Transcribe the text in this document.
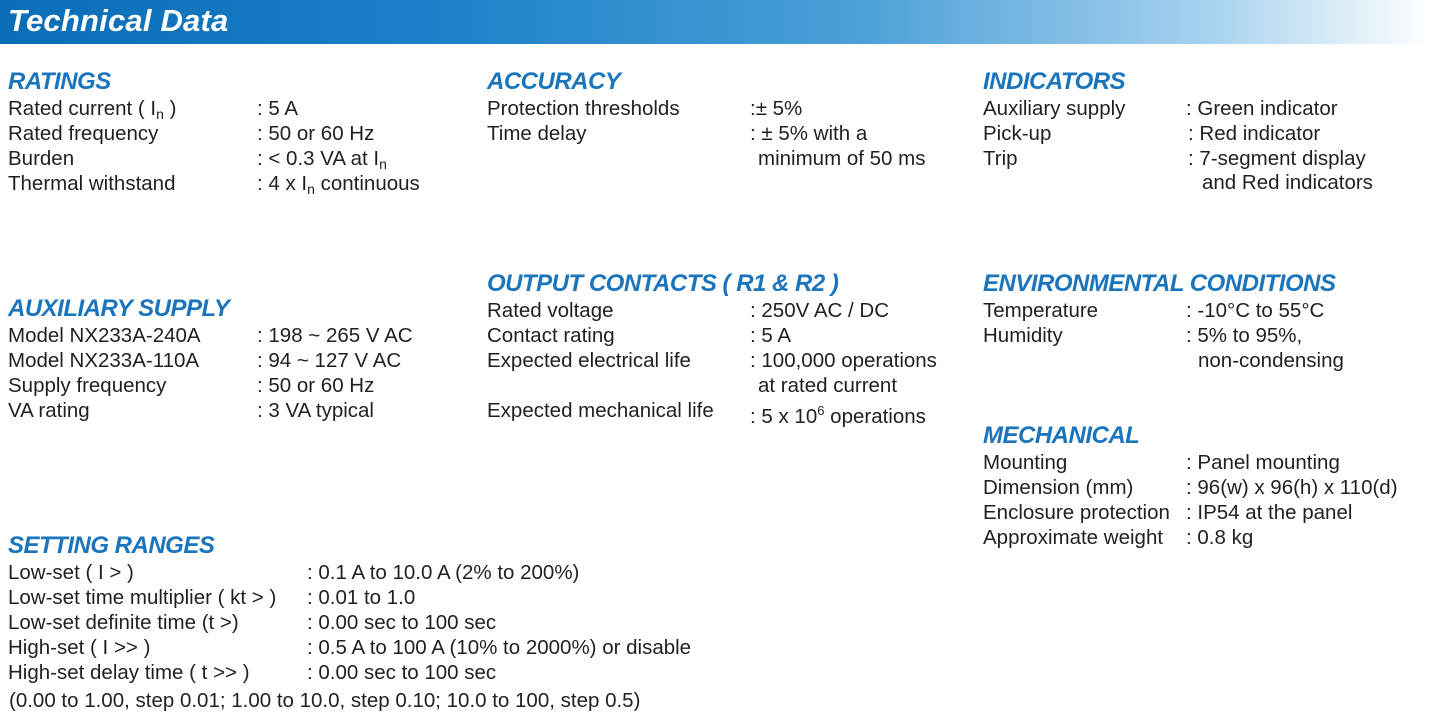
Technical Data
RATINGS
Rated current ( $I_n$ )	: 5 A
Rated frequency	: 50 or 60 Hz
Burden	: < 0.3 VA at $I_n$
Thermal withstand	: 4 x $I_n$ continuous
ACCURACY
Protection thresholds	:± 5%
Time delay	: ± 5% with a
minimum of 50 ms
INDICATORS
Auxiliary supply	: Green indicator
Pick-up	: Red indicator
Trip	: 7-segment display
and Red indicators
AUXILIARY SUPPLY
Model NX233A-240A	: 198 ~ 265 V AC
Model NX233A-110A	: 94 ~ 127 V AC
Supply frequency	: 50 or 60 Hz
VA rating	: 3 VA typical
OUTPUT CONTACTS ( R1 & R2 )
Rated voltage	: 250V AC / DC
Contact rating	: 5 A
Expected electrical life	: 100,000 operations
at rated current
Expected mechanical life : 5 x $10^6$ operations
ENVIRONMENTAL CONDITIONS
Temperature	: -10°C to 55°C
Humidity	: 5% to 95%,
non-condensing
MECHANICAL
Mounting	: Panel mounting
Dimension (mm)	: 96(w) x 96(h) x 110(d)
Enclosure protection : IP54 at the panel
Approximate weight : 0.8 kg
SETTING RANGES
Low-set ( I > )	: 0.1 A to 10.0 A (2% to 200%)
Low-set time multiplier ( kt > ) : 0.01 to 1.0
Low-set definite time (t >)	: 0.00 sec to 100 sec
High-set ( I >> )	: 0.5 A to 100 A (10% to 2000%) or disable
High-set delay time ( t >> )	: 0.00 sec to 100 sec
(0.00 to 1.00, step 0.01; 1.00 to 10.0, step 0.10; 10.0 to 100, step 0.5)
